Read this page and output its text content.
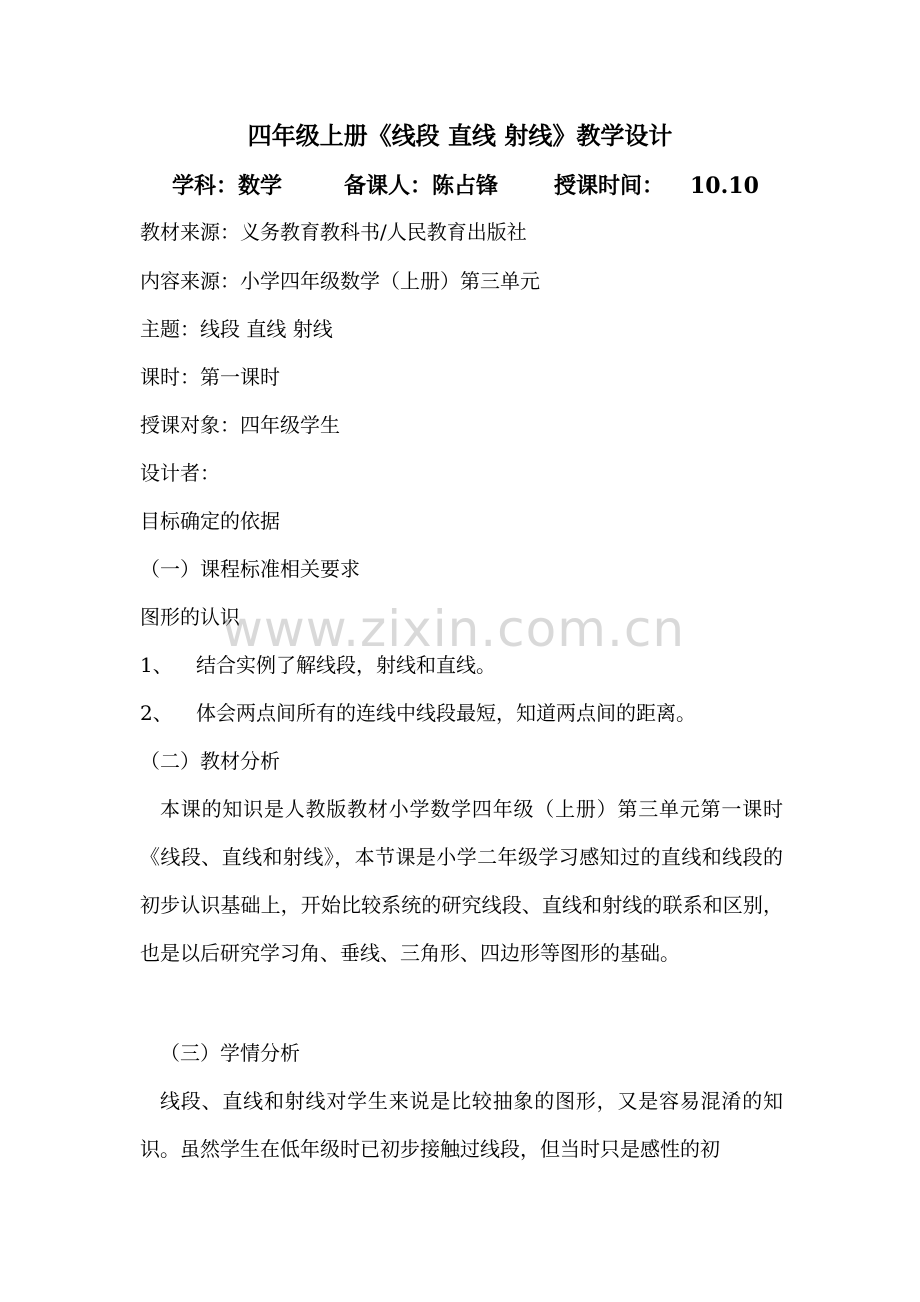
四年级上册《线段 直线 射线》教学设计
学科：数学	备课人：陈占锋	授课时间： 10.10
教材来源：义务教育教科书/人民教育出版社
内容来源：小学四年级数学（上册）第三单元
主题：线段 直线 射线
课时：第一课时
授课对象：四年级学生
设计者：
目标确定的依据
（一）课程标准相关要求
图形的认识
1、 结合实例了解线段，射线和直线。
2、 体会两点间所有的连线中线段最短，知道两点间的距离。
（二）教材分析
本课的知识是人教版教材小学数学四年级（上册）第三单元第一课时《线段、直线和射线》，本节课是小学二年级学习感知过的直线和线段的初步认识基础上，开始比较系统的研究线段、直线和射线的联系和区别，也是以后研究学习角、垂线、三角形、四边形等图形的基础。
（三）学情分析
线段、直线和射线对学生来说是比较抽象的图形，又是容易混淆的知识。虽然学生在低年级时已初步接触过线段，但当时只是感性的初
www.zixin.com.cn
